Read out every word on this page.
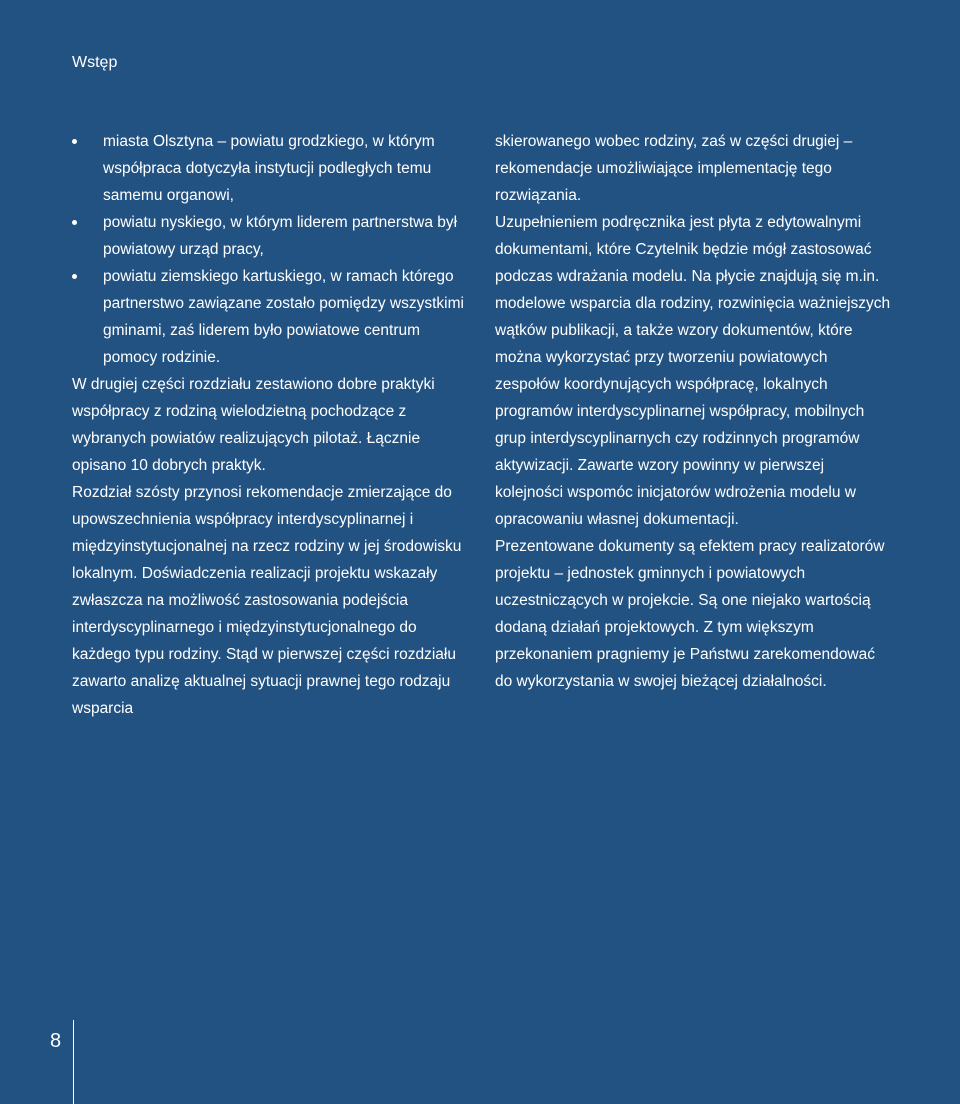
Wstęp
miasta Olsztyna – powiatu grodzkiego, w którym współpraca dotyczyła instytucji podległych temu samemu organowi,
powiatu nyskiego, w którym liderem partnerstwa był powiatowy urząd pracy,
powiatu ziemskiego kartuskiego, w ramach którego partnerstwo zawiązane zostało pomiędzy wszystkimi gminami, zaś liderem było powiatowe centrum pomocy rodzinie.

W drugiej części rozdziału zestawiono dobre praktyki współpracy z rodziną wielodzietną pochodzące z wybranych powiatów realizujących pilotaż. Łącznie opisano 10 dobrych praktyk.

Rozdział szósty przynosi rekomendacje zmierzające do upowszechnienia współpracy interdyscyplinarnej i międzyinstytucjonalnej na rzecz rodziny w jej środowisku lokalnym. Doświadczenia realizacji projektu wskazały zwłaszcza na możliwość zastosowania podejścia interdyscyplinarnego i międzyinstytucjonalnego do każdego typu rodziny. Stąd w pierwszej części rozdziału zawarto analizę aktualnej sytuacji prawnej tego rodzaju wsparcia

skierowanego wobec rodziny, zaś w części drugiej – rekomendacje umożliwiające implementację tego rozwiązania.

Uzupełnieniem podręcznika jest płyta z edytowalnymi dokumentami, które Czytelnik będzie mógł zastosować podczas wdrażania modelu. Na płycie znajdują się m.in. modelowe wsparcia dla rodziny, rozwinięcia ważniejszych wątków publikacji, a także wzory dokumentów, które można wykorzystać przy tworzeniu powiatowych zespołów koordynujących współpracę, lokalnych programów interdyscyplinarnej współpracy, mobilnych grup interdyscyplinarnych czy rodzinnych programów aktywizacji. Zawarte wzory powinny w pierwszej kolejności wspomóc inicjatorów wdrożenia modelu w opracowaniu własnej dokumentacji.

Prezentowane dokumenty są efektem pracy realizatorów projektu – jednostek gminnych i powiatowych uczestniczących w projekcie. Są one niejako wartością dodaną działań projektowych. Z tym większym przekonaniem pragniemy je Państwu zarekomendować do wykorzystania w swojej bieżącej działalności.

8
